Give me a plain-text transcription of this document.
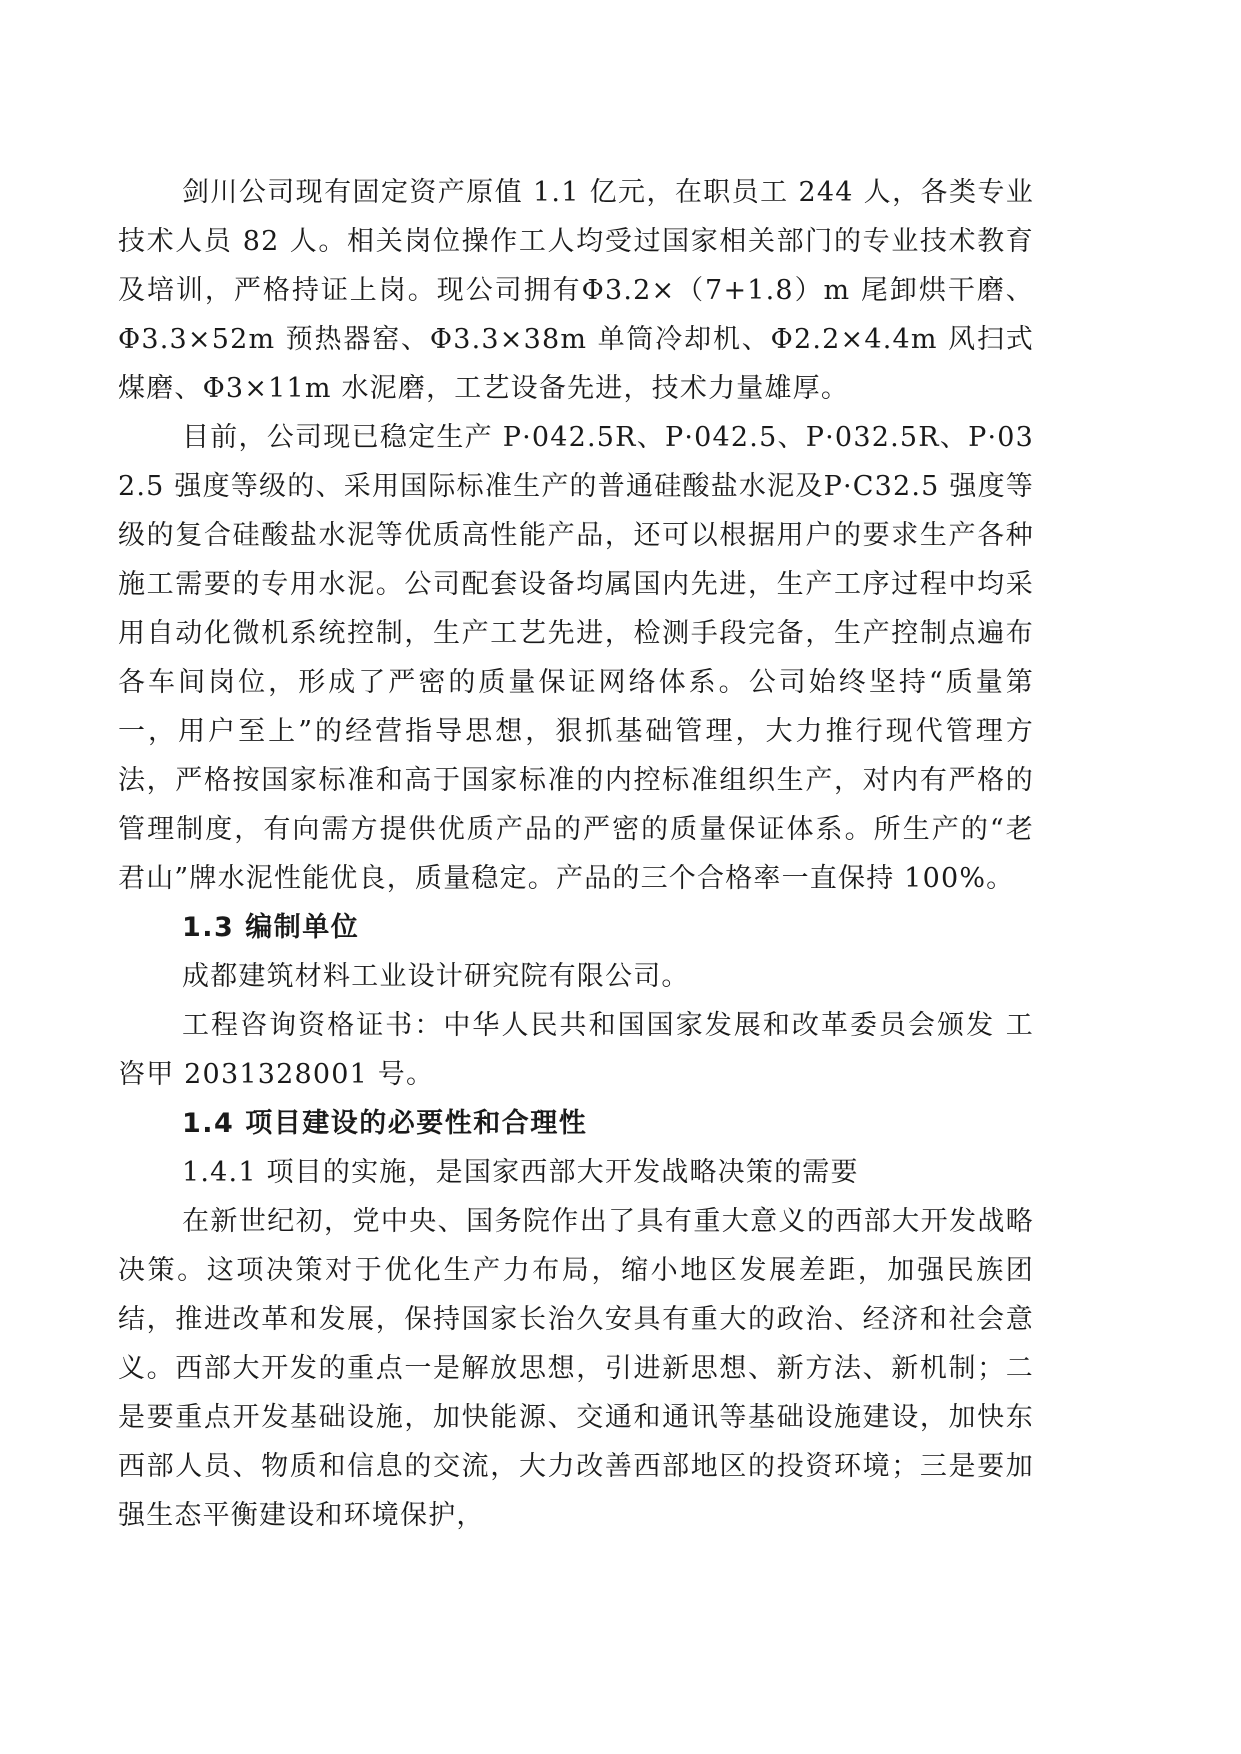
剑川公司现有固定资产原值 1.1 亿元，在职员工 244 人，各类专业技术人员 82 人。相关岗位操作工人均受过国家相关部门的专业技术教育及培训，严格持证上岗。现公司拥有Φ3.2×（7+1.8）m 尾卸烘干磨、Φ3.3×52m 预热器窑、Φ3.3×38m 单筒冷却机、Φ2.2×4.4m 风扫式煤磨、Φ3×11m 水泥磨，工艺设备先进，技术力量雄厚。

目前，公司现已稳定生产 P·042.5R、P·042.5、P·032.5R、P·032.5 强度等级的、采用国际标准生产的普通硅酸盐水泥及P·C32.5 强度等级的复合硅酸盐水泥等优质高性能产品，还可以根据用户的要求生产各种施工需要的专用水泥。公司配套设备均属国内先进，生产工序过程中均采用自动化微机系统控制，生产工艺先进，检测手段完备，生产控制点遍布各车间岗位，形成了严密的质量保证网络体系。公司始终坚持“质量第一，用户至上”的经营指导思想，狠抓基础管理，大力推行现代管理方法，严格按国家标准和高于国家标准的内控标准组织生产，对内有严格的管理制度，有向需方提供优质产品的严密的质量保证体系。所生产的“老君山”牌水泥性能优良，质量稳定。产品的三个合格率一直保持 100%。

1.3 编制单位

成都建筑材料工业设计研究院有限公司。

工程咨询资格证书：中华人民共和国国家发展和改革委员会颁发 工咨甲 2031328001 号。

1.4 项目建设的必要性和合理性

1.4.1 项目的实施，是国家西部大开发战略决策的需要

在新世纪初，党中央、国务院作出了具有重大意义的西部大开发战略决策。这项决策对于优化生产力布局，缩小地区发展差距，加强民族团结，推进改革和发展，保持国家长治久安具有重大的政治、经济和社会意义。西部大开发的重点一是解放思想，引进新思想、新方法、新机制；二是要重点开发基础设施，加快能源、交通和通讯等基础设施建设，加快东西部人员、物质和信息的交流，大力改善西部地区的投资环境；三是要加强生态平衡建设和环境保护，
